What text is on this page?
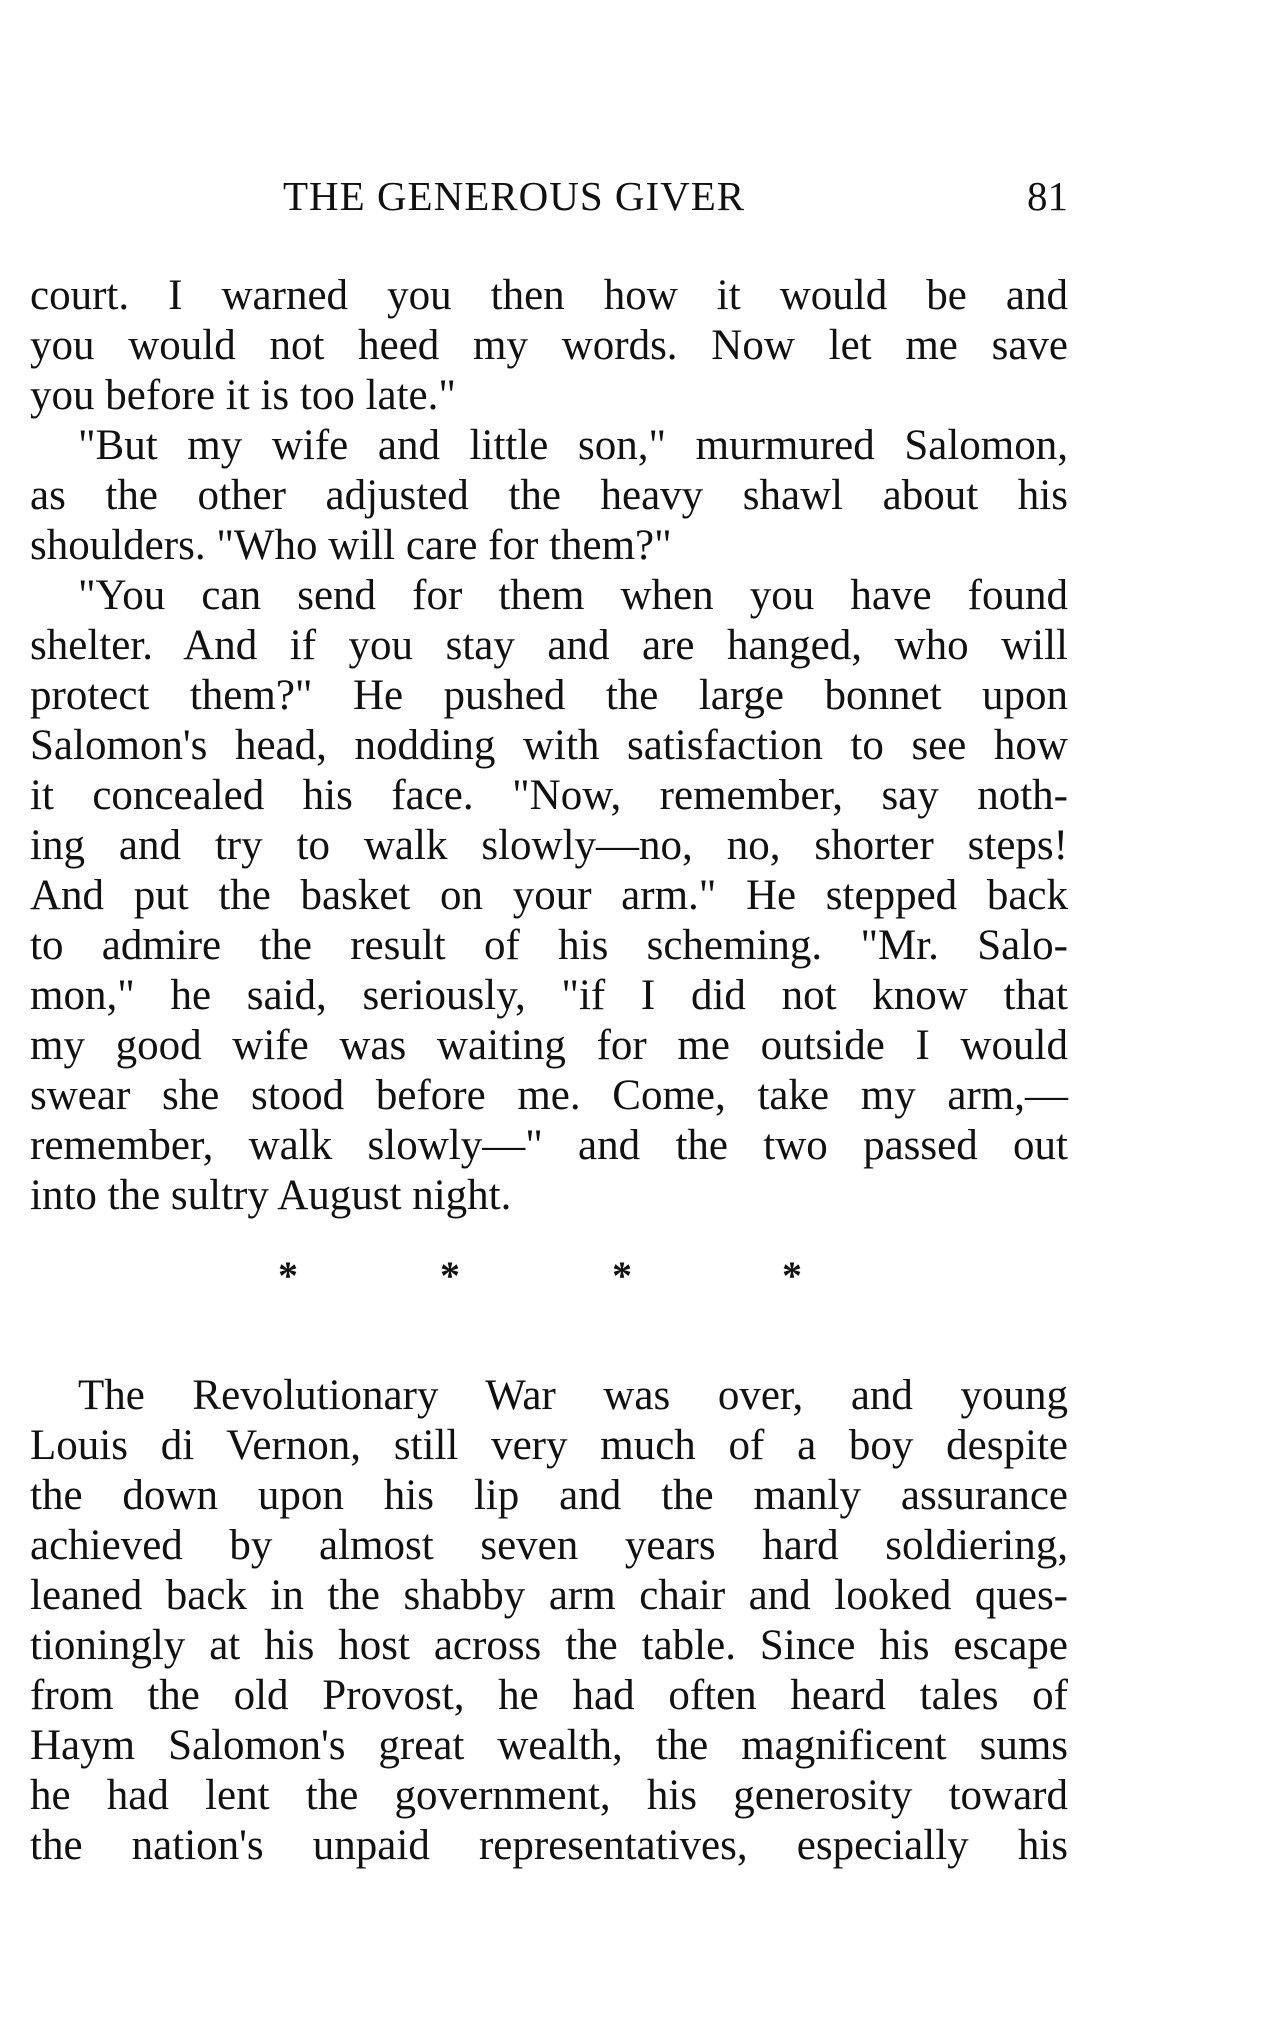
THE GENEROUS GIVER	81
court. I warned you then how it would be and
you would not heed my words. Now let me save
you before it is too late."
"But my wife and little son," murmured Salomon,
as the other adjusted the heavy shawl about his
shoulders. "Who will care for them?"
"You can send for them when you have found
shelter. And if you stay and are hanged, who will
protect them?" He pushed the large bonnet upon
Salomon's head, nodding with satisfaction to see how
it concealed his face. "Now, remember, say noth-
ing and try to walk slowly—no, no, shorter steps!
And put the basket on your arm." He stepped back
to admire the result of his scheming. "Mr. Salo-
mon," he said, seriously, "if I did not know that
my good wife was waiting for me outside I would
swear she stood before me. Come, take my arm,—
remember, walk slowly—" and the two passed out
into the sultry August night.
*	*	*	*
The Revolutionary War was over, and young
Louis di Vernon, still very much of a boy despite
the down upon his lip and the manly assurance
achieved by almost seven years hard soldiering,
leaned back in the shabby arm chair and looked ques-
tioningly at his host across the table. Since his escape
from the old Provost, he had often heard tales of
Haym Salomon's great wealth, the magnificent sums
he had lent the government, his generosity toward
the nation's unpaid representatives, especially his
